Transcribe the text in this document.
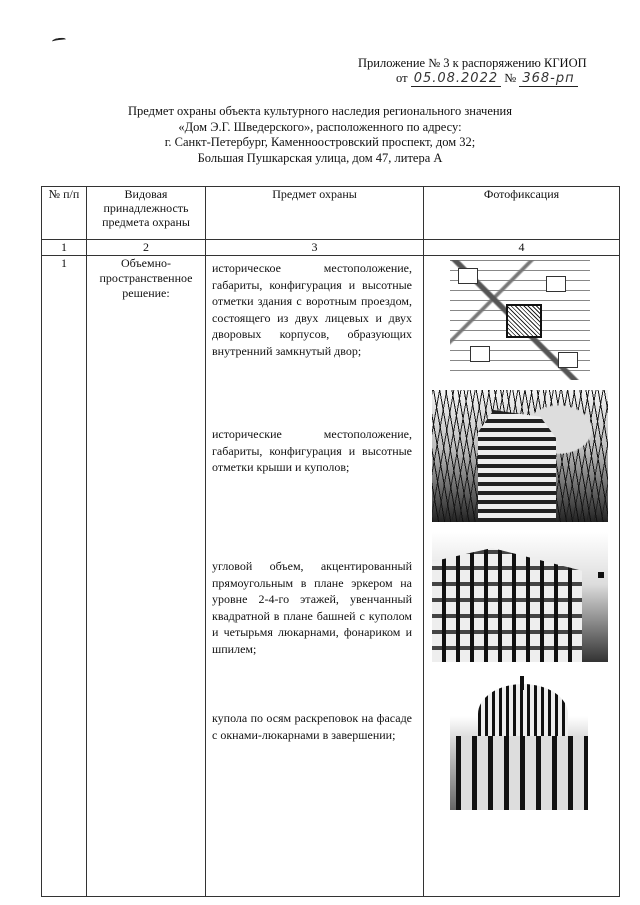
Приложение № 3 к распоряжению КГИОП
от 05.08.2022 № 368-рп
Предмет охраны объекта культурного наследия регионального значения
«Дом Э.Г. Шведерского», расположенного по адресу:
г. Санкт-Петербург, Каменноостровский проспект, дом 32;
Большая Пушкарская улица, дом 47, литера А
№ п/п	Видовая принадлежность предмета охраны	Предмет охраны	Фотофиксация
1	2	3	4
1	Объемно-пространственное решение:	историческое местоположение, габариты, конфигурация и высотные отметки здания с воротным проездом, состоящего из двух лицевых и двух дворовых корпусов, образующих внутренний замкнутый двор;
исторические местоположение, габариты, конфигурация и высотные отметки крыши и куполов;
угловой объем, акцентированный прямоугольным в плане эркером на уровне 2-4-го этажей, увенчанный квадратной в плане башней с куполом и четырьмя люкарнами, фонариком и шпилем;
купола по осям раскреповок на фасаде с окнами-люкарнами в завершении;	
